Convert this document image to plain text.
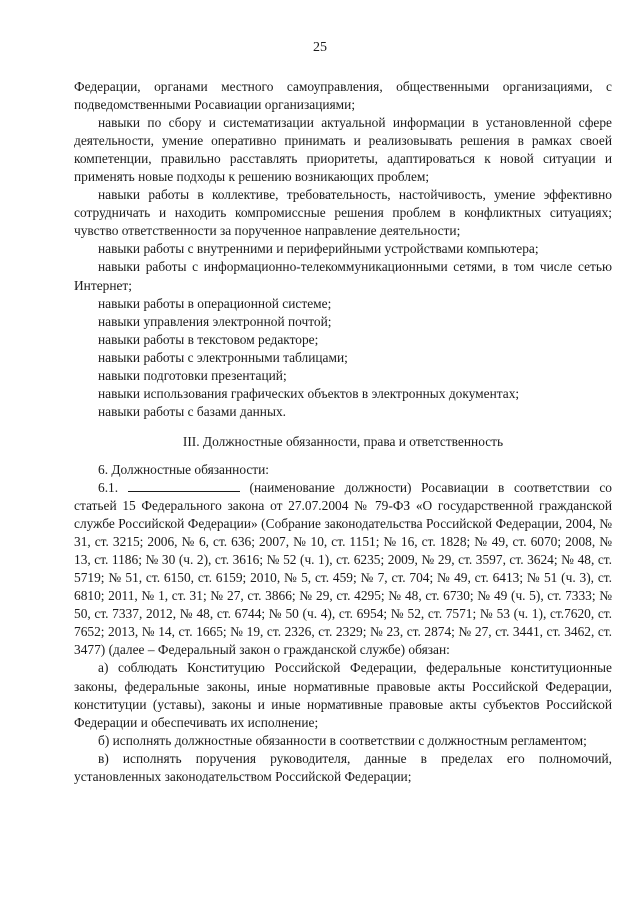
25

Федерации, органами местного самоуправления, общественными организациями, с подведомственными Росавиации организациями;

навыки по сбору и систематизации актуальной информации в установленной сфере деятельности, умение оперативно принимать и реализовывать решения в рамках своей компетенции, правильно расставлять приоритеты, адаптироваться к новой ситуации и применять новые подходы к решению возникающих проблем;

навыки работы в коллективе, требовательность, настойчивость, умение эффективно сотрудничать и находить компромиссные решения проблем в конфликтных ситуациях; чувство ответственности за порученное направление деятельности;

навыки работы с внутренними и периферийными устройствами компьютера;

навыки работы с информационно-телекоммуникационными сетями, в том числе сетью Интернет;

навыки работы в операционной системе;

навыки управления электронной почтой;

навыки работы в текстовом редакторе;

навыки работы с электронными таблицами;

навыки подготовки презентаций;

навыки использования графических объектов в электронных документах;

навыки работы с базами данных.

III. Должностные обязанности, права и ответственность

6. Должностные обязанности:

6.1.	(наименование должности) Росавиации в соответствии со статьей 15 Федерального закона от 27.07.2004 № 79-ФЗ «О государственной гражданской службе Российской Федерации» (Собрание законодательства Российской Федерации, 2004, № 31, ст. 3215; 2006, № 6, ст. 636; 2007, № 10, ст. 1151; № 16, ст. 1828; № 49, ст. 6070; 2008, № 13, ст. 1186; № 30 (ч. 2), ст. 3616; № 52 (ч. 1), ст. 6235; 2009, № 29, ст. 3597, ст. 3624; № 48, ст. 5719; № 51, ст. 6150, ст. 6159; 2010, № 5, ст. 459; № 7, ст. 704; № 49, ст. 6413; № 51 (ч. 3), ст. 6810; 2011, № 1, ст. 31; № 27, ст. 3866; № 29, ст. 4295; № 48, ст. 6730; № 49 (ч. 5), ст. 7333; № 50, ст. 7337, 2012, № 48, ст. 6744; № 50 (ч. 4), ст. 6954; № 52, ст. 7571; № 53 (ч. 1), ст.7620, ст. 7652; 2013, № 14, ст. 1665; № 19, ст. 2326, ст. 2329; № 23, ст. 2874; № 27, ст. 3441, ст. 3462, ст. 3477) (далее – Федеральный закон о гражданской службе) обязан:

а) соблюдать Конституцию Российской Федерации, федеральные конституционные законы, федеральные законы, иные нормативные правовые акты Российской Федерации, конституции (уставы), законы и иные нормативные правовые акты субъектов Российской Федерации и обеспечивать их исполнение;

б) исполнять должностные обязанности в соответствии с должностным регламентом;

в) исполнять поручения руководителя, данные в пределах его полномочий, установленных законодательством Российской Федерации;
